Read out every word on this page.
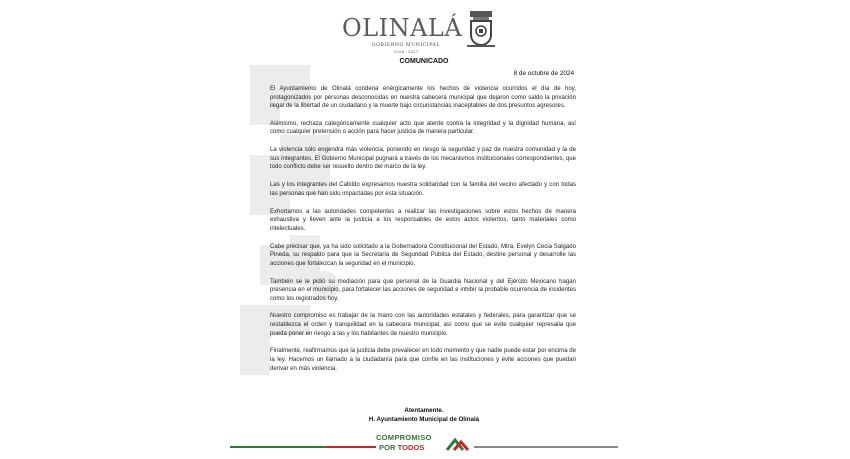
OLINALÁ
GOBIERNO MUNICIPAL
2024 - 2027
COMUNICADO
8 de octubre de 2024

El Ayuntamiento de Olinalá condena enérgicamente los hechos de violencia ocurridos el día de hoy, protagonizados por personas desconocidas en nuestra cabecera municipal que dejaron como saldo la privación ilegal de la libertad de un ciudadano y la muerte bajo circunstancias inaceptables de dos presuntos agresores.

Asimismo, rechaza categóricamente cualquier acto que atente contra la integridad y la dignidad humana, así como cualquier pretensión o acción para hacer justicia de manera particular.

La violencia sólo engendra más violencia, poniendo en riesgo la seguridad y paz de nuestra comunidad y la de sus integrantes. El Gobierno Municipal pugnará a través de los mecanismos institucionales correspondientes, que todo conflicto debe ser resuelto dentro del marco de la ley.

Las y los integrantes del Cabildo expresamos nuestra solidaridad con la familia del vecino afectado y con todas las personas que han sido impactadas por esta situación.

Exhortamos a las autoridades competentes a realizar las investigaciones sobre estos hechos de manera exhaustiva y lleven ante la justicia a los responsables de estos actos violentos, tanto materiales como intelectuales.

Cabe precisar que, ya ha sido solicitado a la Gobernadora Constitucional del Estado, Mtra. Evelyn Cecia Salgado Pineda, su respaldo para que la Secretaría de Seguridad Pública del Estado, destine personal y desarrolle las acciones que fortalezcan la seguridad en el municipio.

También se le pidió su mediación para que personal de la Guardia Nacional y del Ejército Mexicano hagan presencia en el municipio, para fortalecer las acciones de seguridad e inhibir la probable ocurrencia de incidentes como los registrados hoy.

Nuestro compromiso es trabajar de la mano con las autoridades estatales y federales, para garantizar que se restablezca el orden y tranquilidad en la cabecera municipal, así como que se evite cualquier represalia que pueda poner en riesgo a las y los habitantes de nuestro municipio.

Finalmente, reafirmamos que la justicia debe prevalecer en todo momento y que nadie puede estar por encima de la ley. Hacemos un llamado a la ciudadanía para que confíe en las instituciones y evite acciones que puedan derivar en más violencia.

Atentamente.
H. Ayuntamiento Municipal de Olinalá
COMPROMISO
POR TODOS
